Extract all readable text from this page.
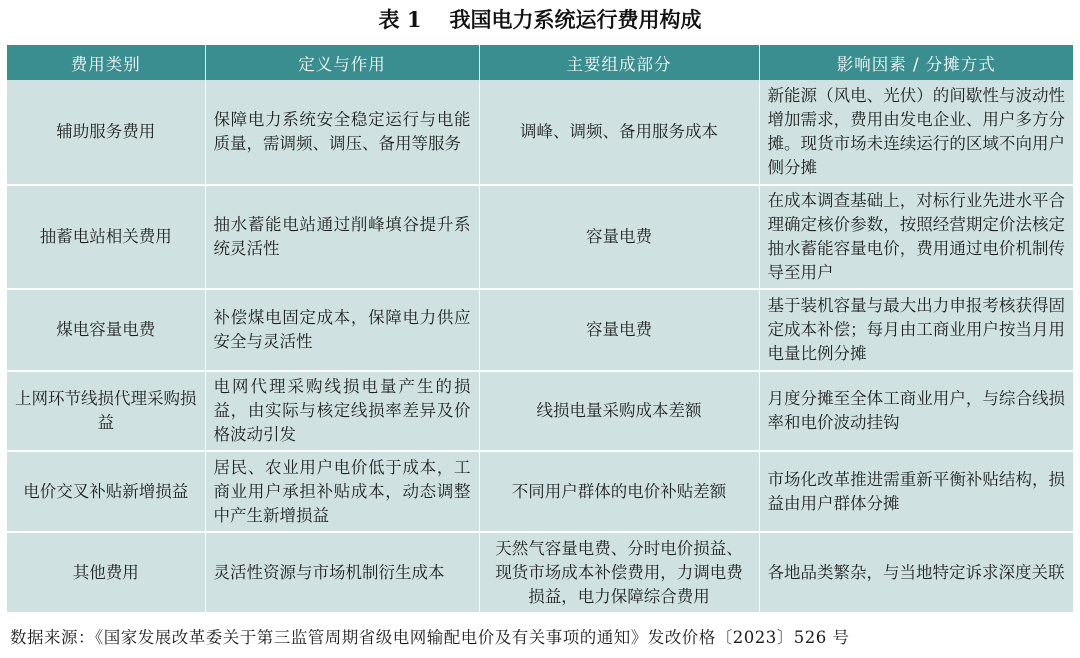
表 1 我国电力系统运行费用构成
费用类别	定义与作用	主要组成部分	影响因素 / 分摊方式
辅助服务费用	保障电力系统安全稳定运行与电能质量，需调频、调压、备用等服务	调峰、调频、备用服务成本	新能源（风电、光伏）的间歇性与波动性增加需求，费用由发电企业、用户多方分摊。现货市场未连续运行的区域不向用户侧分摊
抽蓄电站相关费用	抽水蓄能电站通过削峰填谷提升系统灵活性	容量电费	在成本调查基础上，对标行业先进水平合理确定核价参数，按照经营期定价法核定抽水蓄能容量电价，费用通过电价机制传导至用户
煤电容量电费	补偿煤电固定成本，保障电力供应安全与灵活性	容量电费	基于装机容量与最大出力申报考核获得固定成本补偿；每月由工商业用户按当月用电量比例分摊
上网环节线损代理采购损益	电网代理采购线损电量产生的损益，由实际与核定线损率差异及价格波动引发	线损电量采购成本差额	月度分摊至全体工商业用户，与综合线损率和电价波动挂钩
电价交叉补贴新增损益	居民、农业用户电价低于成本，工商业用户承担补贴成本，动态调整中产生新增损益	不同用户群体的电价补贴差额	市场化改革推进需重新平衡补贴结构，损益由用户群体分摊
其他费用	灵活性资源与市场机制衍生成本	天然气容量电费、分时电价损益、现货市场成本补偿费用，力调电费损益，电力保障综合费用	各地品类繁杂，与当地特定诉求深度关联
数据来源：《国家发展改革委关于第三监管周期省级电网输配电价及有关事项的通知》发改价格〔2023〕526 号
